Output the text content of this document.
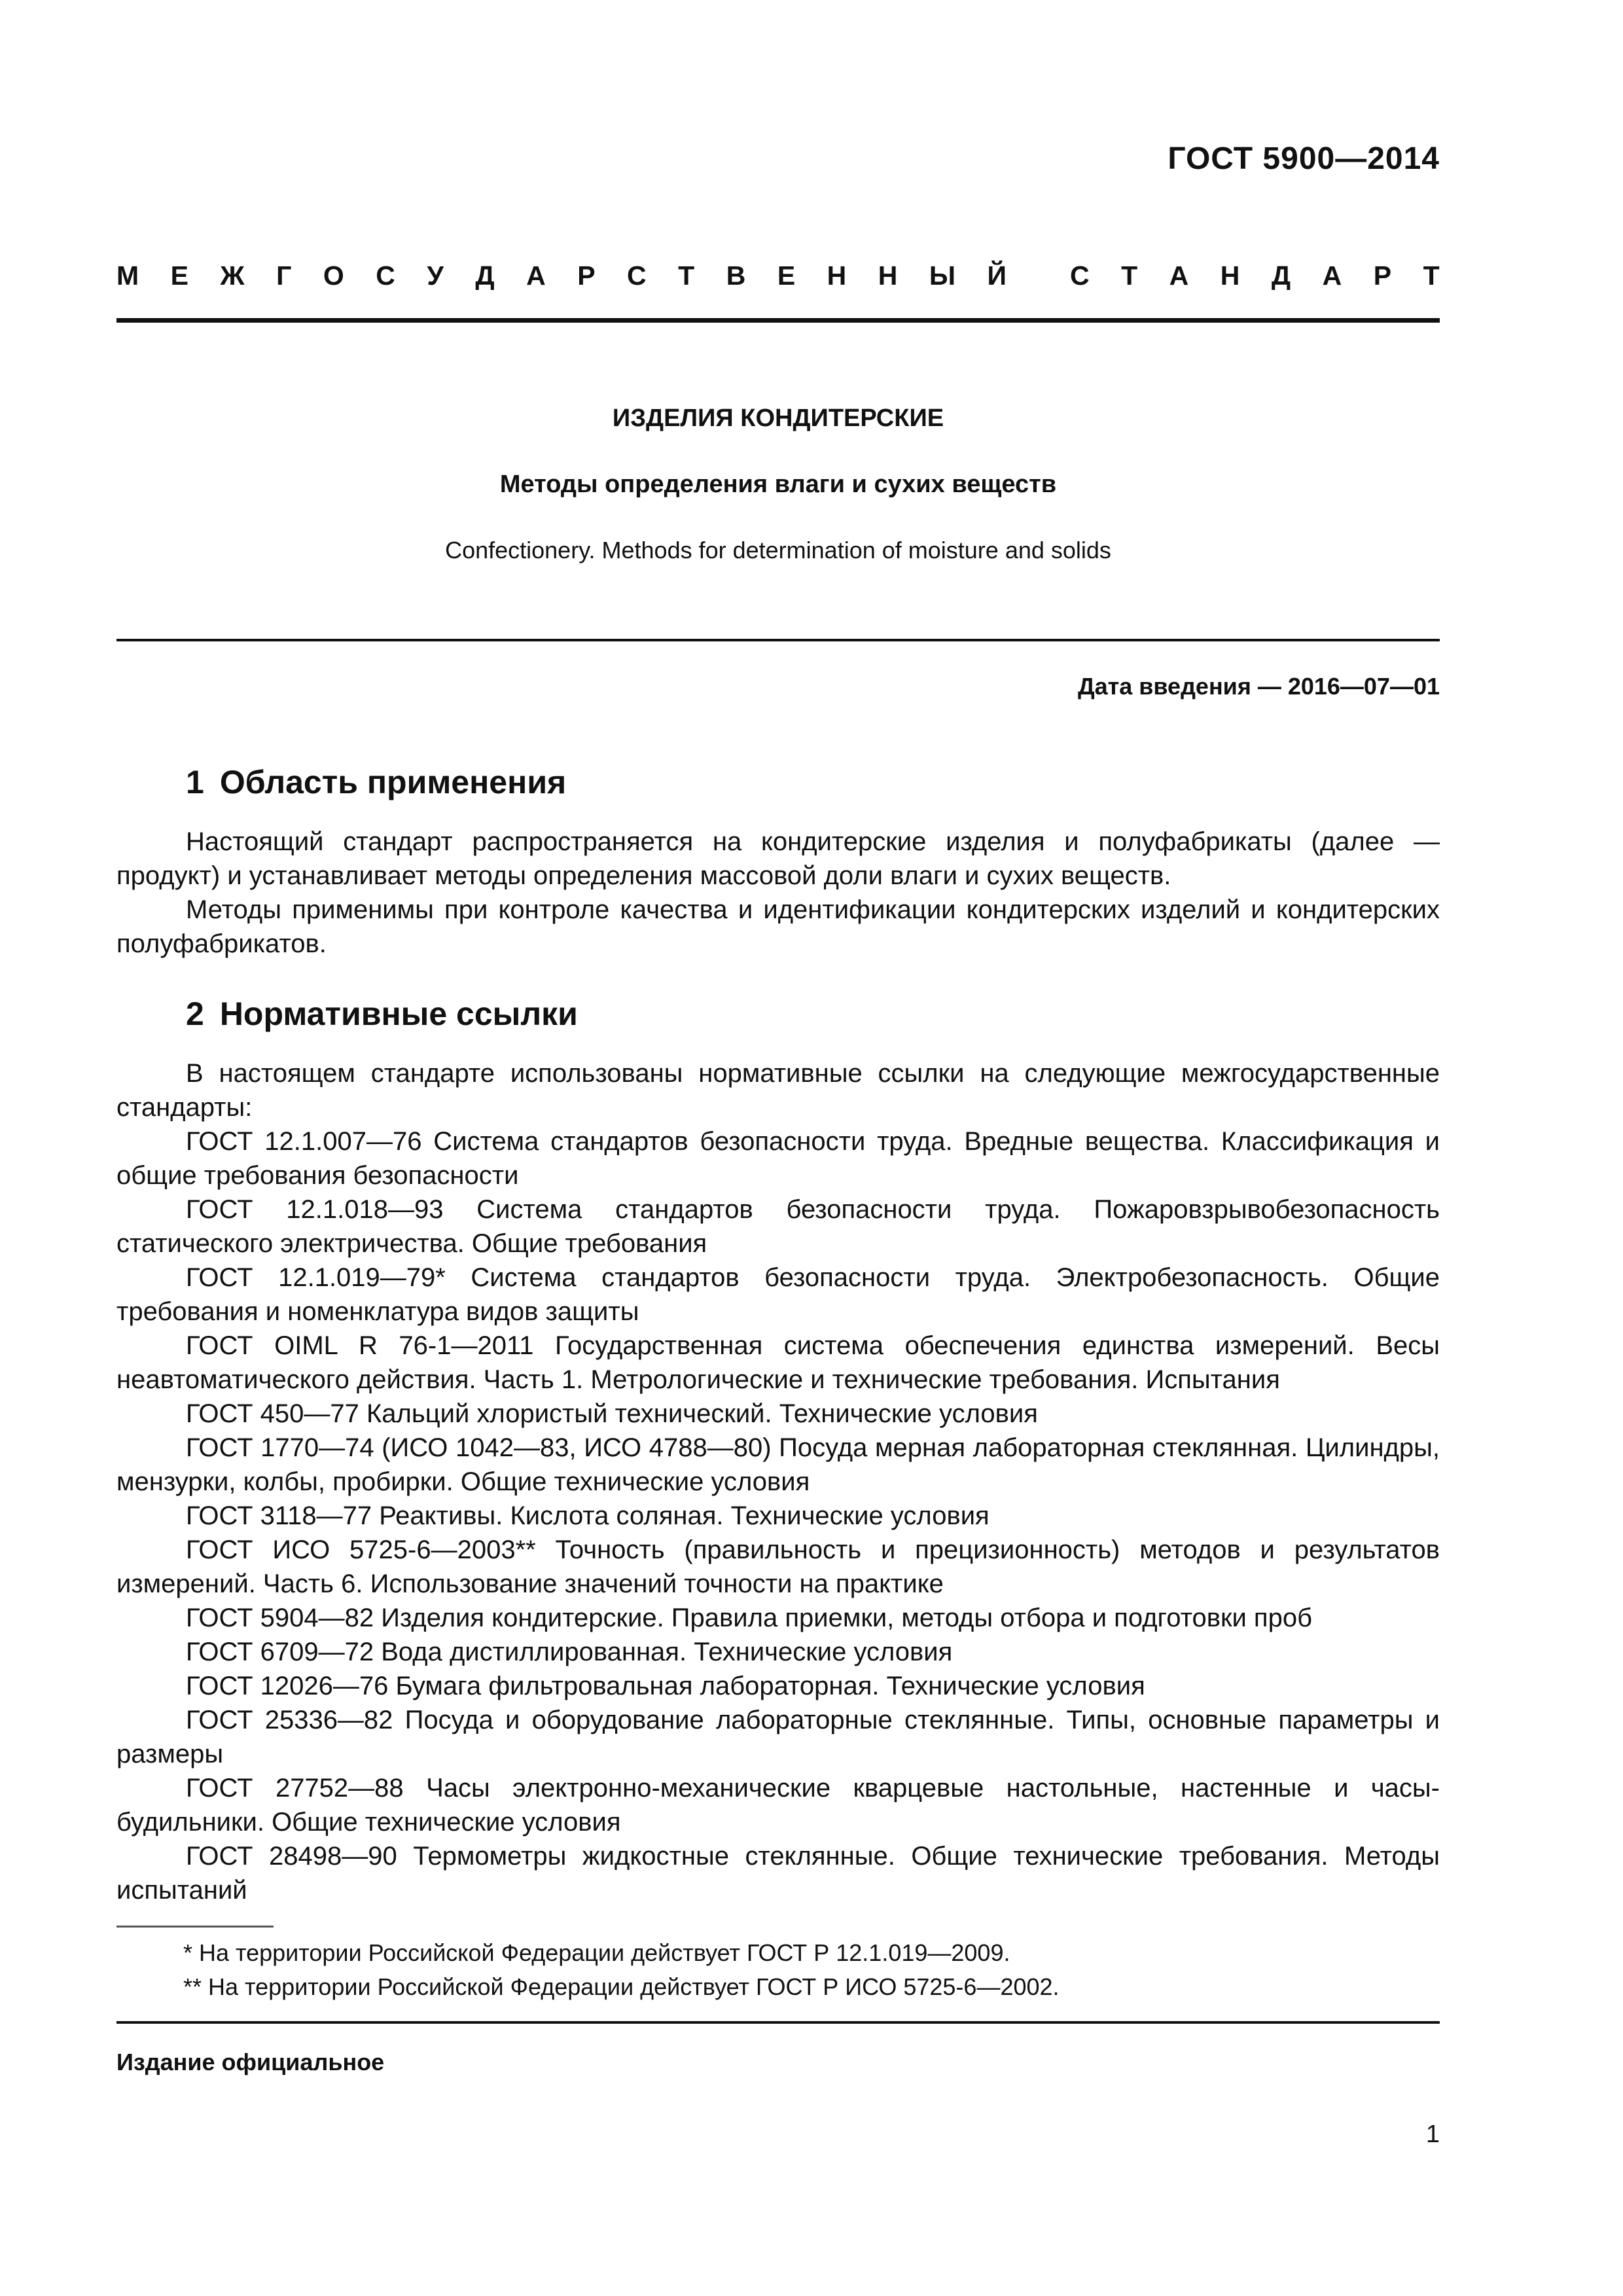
ГОСТ 5900—2014
М Е Ж Г О С У Д А Р С Т В Е Н Н Ы Й С Т А Н Д А Р Т

ИЗДЕЛИЯ КОНДИТЕРСКИЕ

Методы определения влаги и сухих веществ

Confectionery. Methods for determination of moisture and solids

Дата введения — 2016—07—01
1 Область применения

Настоящий стандарт распространяется на кондитерские изделия и полуфабрикаты (далее — продукт) и устанавливает методы определения массовой доли влаги и сухих веществ.

Методы применимы при контроле качества и идентификации кондитерских изделий и кондитерских полуфабрикатов.

2 Нормативные ссылки

В настоящем стандарте использованы нормативные ссылки на следующие межгосударственные стандарты:

ГОСТ 12.1.007—76 Система стандартов безопасности труда. Вредные вещества. Классификация и общие требования безопасности

ГОСТ 12.1.018—93 Система стандартов безопасности труда. Пожаровзрывобезопасность статического электричества. Общие требования

ГОСТ 12.1.019—79* Система стандартов безопасности труда. Электробезопасность. Общие требования и номенклатура видов защиты

ГОСТ OIML R 76-1—2011 Государственная система обеспечения единства измерений. Весы неавтоматического действия. Часть 1. Метрологические и технические требования. Испытания

ГОСТ 450—77 Кальций хлористый технический. Технические условия

ГОСТ 1770—74 (ИСО 1042—83, ИСО 4788—80) Посуда мерная лабораторная стеклянная. Цилиндры, мензурки, колбы, пробирки. Общие технические условия

ГОСТ 3118—77 Реактивы. Кислота соляная. Технические условия

ГОСТ ИСО 5725-6—2003** Точность (правильность и прецизионность) методов и результатов измерений. Часть 6. Использование значений точности на практике

ГОСТ 5904—82 Изделия кондитерские. Правила приемки, методы отбора и подготовки проб

ГОСТ 6709—72 Вода дистиллированная. Технические условия

ГОСТ 12026—76 Бумага фильтровальная лабораторная. Технические условия

ГОСТ 25336—82 Посуда и оборудование лабораторные стеклянные. Типы, основные параметры и размеры

ГОСТ 27752—88 Часы электронно-механические кварцевые настольные, настенные и часы-будильники. Общие технические условия

ГОСТ 28498—90 Термометры жидкостные стеклянные. Общие технические требования. Методы испытаний

* На территории Российской Федерации действует ГОСТ Р 12.1.019—2009.

** На территории Российской Федерации действует ГОСТ Р ИСО 5725-6—2002.

Издание официальное
1
